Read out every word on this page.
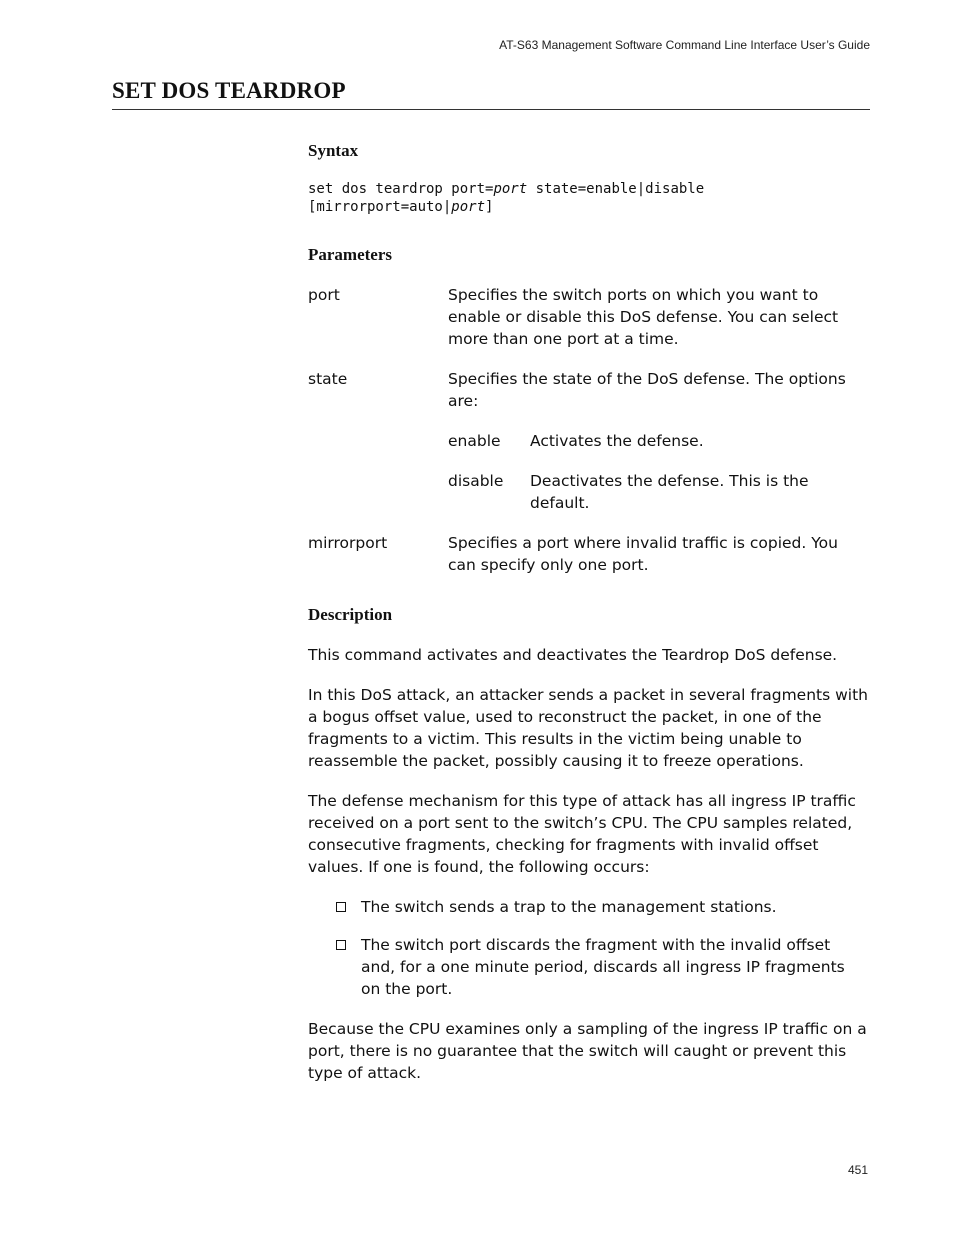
AT-S63 Management Software Command Line Interface User’s Guide
SET DOS TEARDROP
Syntax
set dos teardrop port=port state=enable|disable
[mirrorport=auto|port]
Parameters
port	Specifies the switch ports on which you want to enable or disable this DoS defense. You can select more than one port at a time.
state	Specifies the state of the DoS defense. The options are:
enable	Activates the defense.
disable	Deactivates the defense. This is the default.
mirrorport	Specifies a port where invalid traffic is copied. You can specify only one port.
Description

This command activates and deactivates the Teardrop DoS defense.

In this DoS attack, an attacker sends a packet in several fragments with a bogus offset value, used to reconstruct the packet, in one of the fragments to a victim. This results in the victim being unable to reassemble the packet, possibly causing it to freeze operations.

The defense mechanism for this type of attack has all ingress IP traffic received on a port sent to the switch’s CPU. The CPU samples related, consecutive fragments, checking for fragments with invalid offset values. If one is found, the following occurs:

The switch sends a trap to the management stations.
The switch port discards the fragment with the invalid offset and, for a one minute period, discards all ingress IP fragments on the port.

Because the CPU examines only a sampling of the ingress IP traffic on a port, there is no guarantee that the switch will caught or prevent this type of attack.

451
